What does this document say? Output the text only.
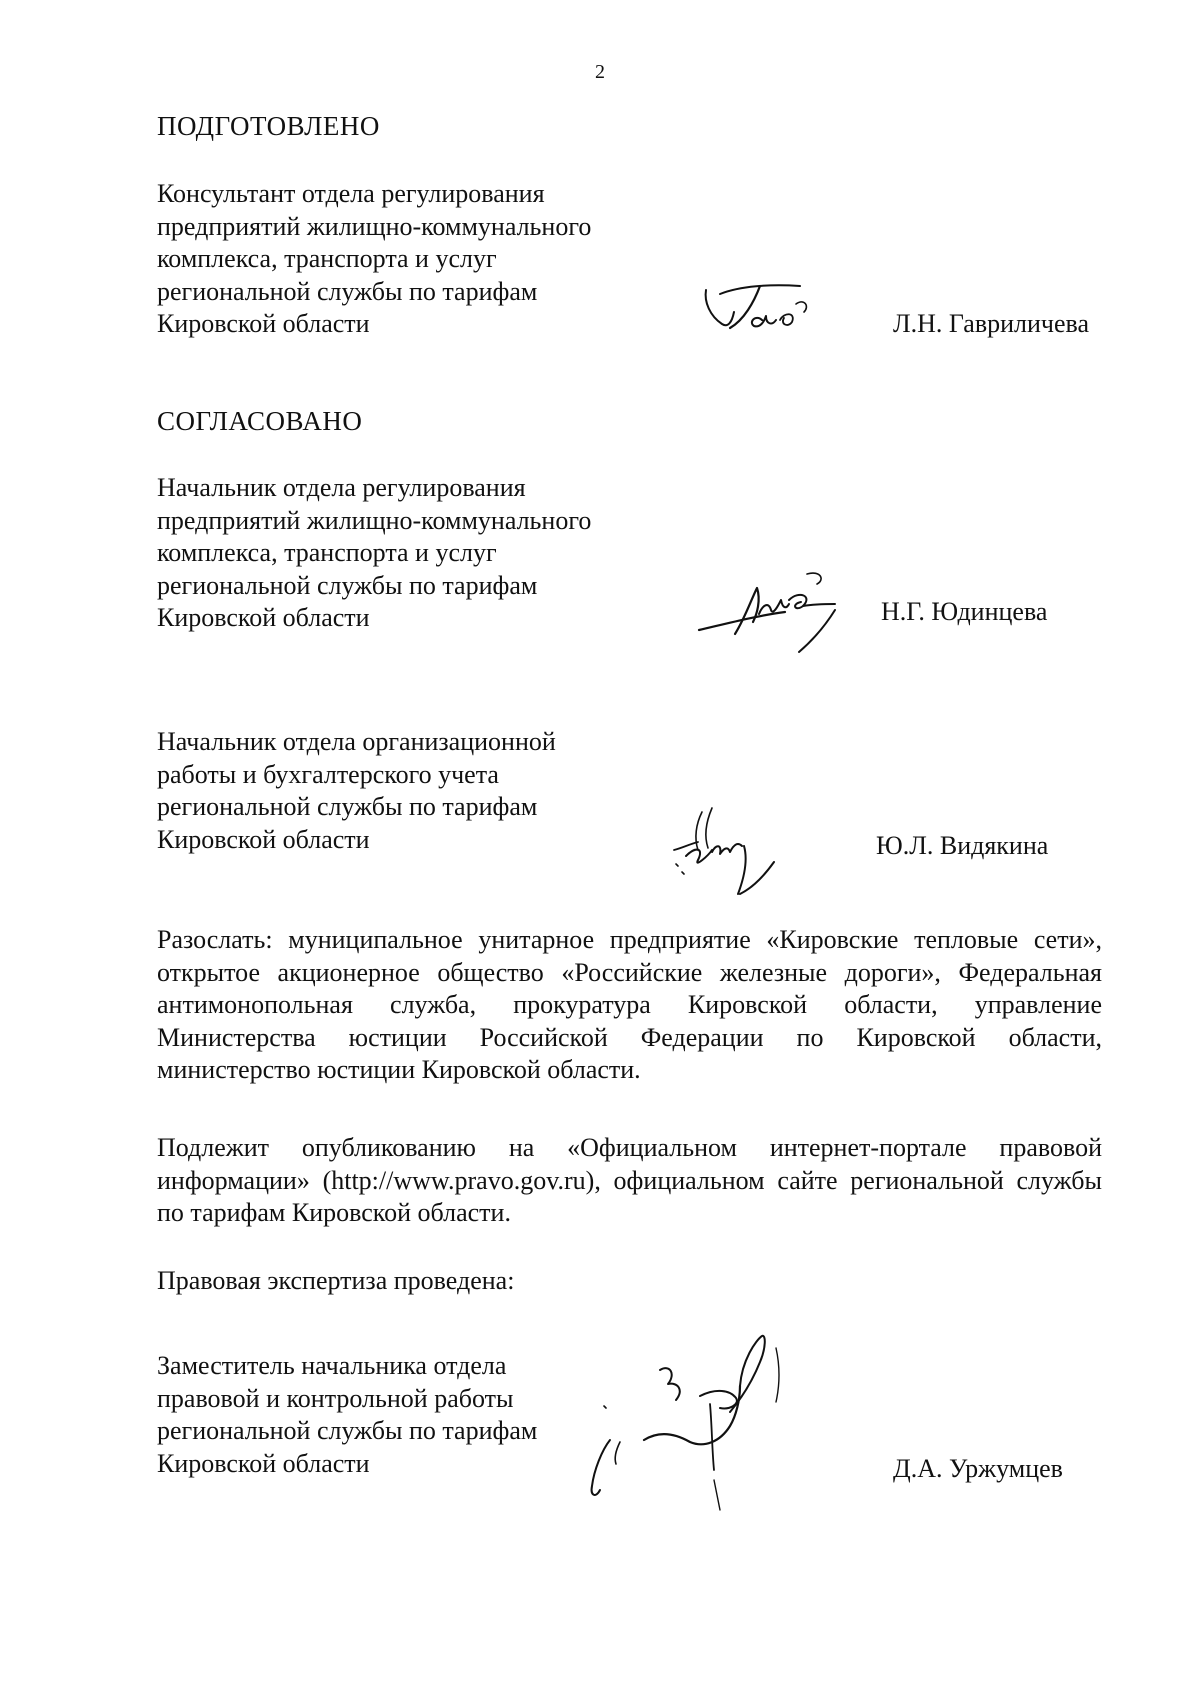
2
ПОДГОТОВЛЕНО
Консультант отдела регулирования
предприятий жилищно-коммунального
комплекса, транспорта и услуг
региональной службы по тарифам
Кировской области	Л.Н. Гавриличева
СОГЛАСОВАНО
Начальник отдела регулирования
предприятий жилищно-коммунального
комплекса, транспорта и услуг
региональной службы по тарифам
Кировской области	Н.Г. Юдинцева
Начальник отдела организационной
работы и бухгалтерского учета
региональной службы по тарифам
Кировской области	Ю.Л. Видякина
Разослать: муниципальное унитарное предприятие «Кировские тепловые сети», открытое акционерное общество «Российские железные дороги», Федеральная антимонопольная служба, прокуратура Кировской области, управление Министерства юстиции Российской Федерации по Кировской области, министерство юстиции Кировской области.
Подлежит опубликованию на «Официальном интернет-портале правовой информации» (http://www.pravo.gov.ru), официальном сайте региональной службы по тарифам Кировской области.
Правовая экспертиза проведена:
Заместитель начальника отдела
правовой и контрольной работы
региональной службы по тарифам
Кировской области	Д.А. Уржумцев
